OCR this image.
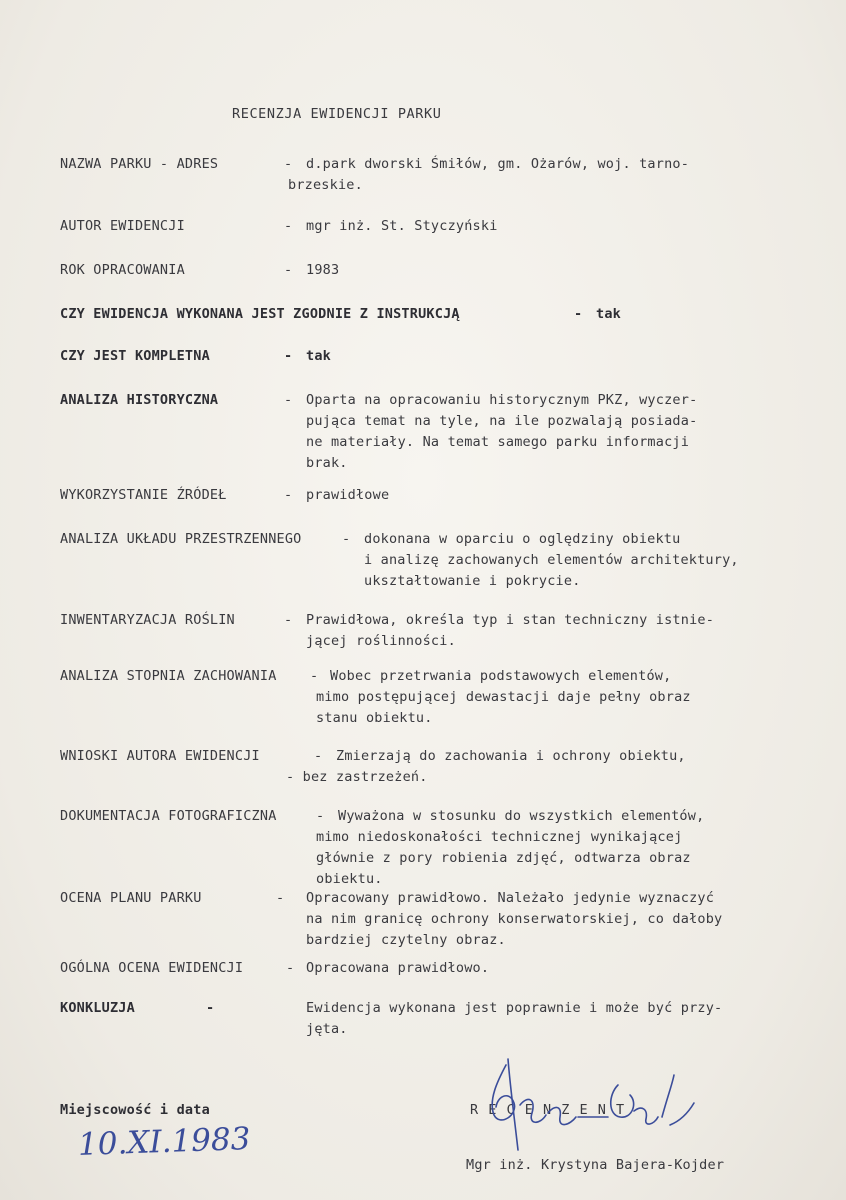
RECENZJA EWIDENCJI PARKU
NAZWA PARKU - ADRES	- d.park dworski Śmiłów, gm. Ożarów, woj. tarno-
brzeskie.
AUTOR EWIDENCJI	- mgr inż. St. Styczyński
ROK OPRACOWANIA	- 1983
CZY EWIDENCJA WYKONANA JEST ZGODNIE Z INSTRUKCJĄ	- tak
CZY JEST KOMPLETNA	- tak
ANALIZA HISTORYCZNA	- Oparta na opracowaniu historycznym PKZ, wyczer-
pująca temat na tyle, na ile pozwalają posiada-
ne materiały. Na temat samego parku informacji
brak.
WYKORZYSTANIE ŹRÓDEŁ	- prawidłowe
ANALIZA UKŁADU PRZESTRZENNEGO	- dokonana w oparciu o oględziny obiektu
i analizę zachowanych elementów architektury,
ukształtowanie i pokrycie.
INWENTARYZACJA ROŚLIN	- Prawidłowa, określa typ i stan techniczny istnie-
jącej roślinności.
ANALIZA STOPNIA ZACHOWANIA - Wobec przetrwania podstawowych elementów,
mimo postępującej dewastacji daje pełny obraz
stanu obiektu.
WNIOSKI AUTORA EWIDENCJI	- Zmierzają do zachowania i ochrony obiektu,
- bez zastrzeżeń.
DOKUMENTACJA FOTOGRAFICZNA	- Wyważona w stosunku do wszystkich elementów,
mimo niedoskonałości technicznej wynikającej
głównie z pory robienia zdjęć, odtwarza obraz
obiektu.
OCENA PLANU PARKU	- Opracowany prawidłowo. Należało jedynie wyznaczyć
na nim granicę ochrony konserwatorskiej, co dałoby
bardziej czytelny obraz.
OGÓLNA OCENA EWIDENCJI	- Opracowana prawidłowo.
KONKLUZJA	-	Ewidencja wykonana jest poprawnie i może być przy-
jęta.
Miejscowość i data
10.XI.1983
R E C E N Z E N T
Mgr inż. Krystyna Bajera-Kojder
